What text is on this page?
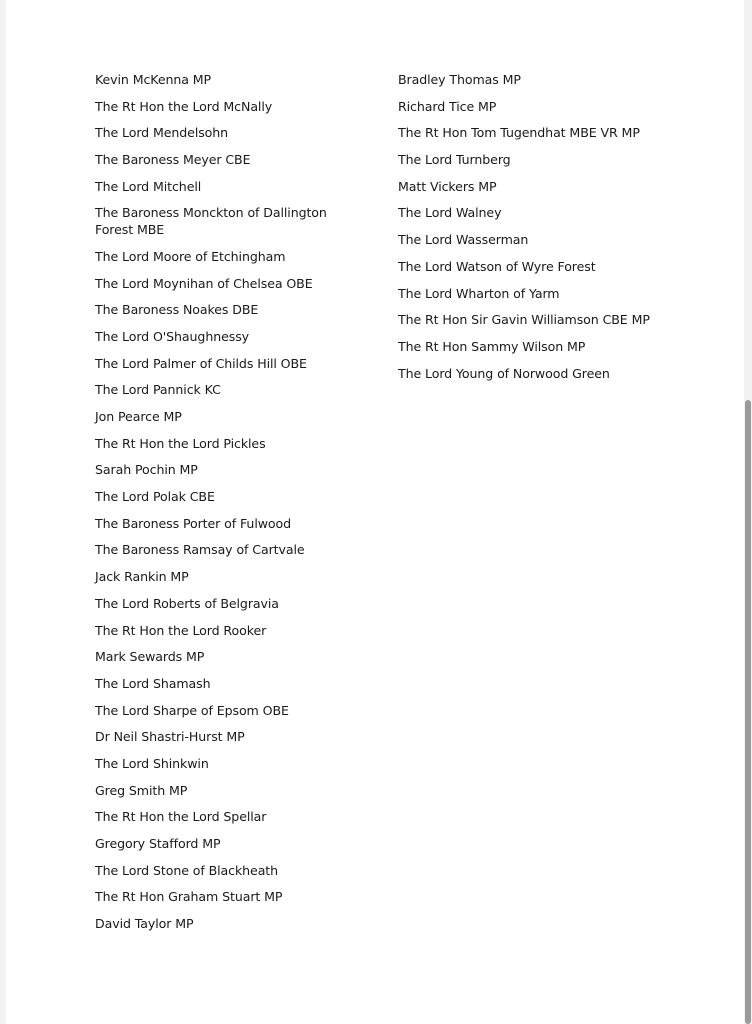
Kevin McKenna MP
The Rt Hon the Lord McNally
The Lord Mendelsohn
The Baroness Meyer CBE
The Lord Mitchell
The Baroness Monckton of Dallington Forest MBE
The Lord Moore of Etchingham
The Lord Moynihan of Chelsea OBE
The Baroness Noakes DBE
The Lord O'Shaughnessy
The Lord Palmer of Childs Hill OBE
The Lord Pannick KC
Jon Pearce MP
The Rt Hon the Lord Pickles
Sarah Pochin MP
The Lord Polak CBE
The Baroness Porter of Fulwood
The Baroness Ramsay of Cartvale
Jack Rankin MP
The Lord Roberts of Belgravia
The Rt Hon the Lord Rooker
Mark Sewards MP
The Lord Shamash
The Lord Sharpe of Epsom OBE
Dr Neil Shastri-Hurst MP
The Lord Shinkwin
Greg Smith MP
The Rt Hon the Lord Spellar
Gregory Stafford MP
The Lord Stone of Blackheath
The Rt Hon Graham Stuart MP
David Taylor MP
Bradley Thomas MP
Richard Tice MP
The Rt Hon Tom Tugendhat MBE VR MP
The Lord Turnberg
Matt Vickers MP
The Lord Walney
The Lord Wasserman
The Lord Watson of Wyre Forest
The Lord Wharton of Yarm
The Rt Hon Sir Gavin Williamson CBE MP
The Rt Hon Sammy Wilson MP
The Lord Young of Norwood Green
